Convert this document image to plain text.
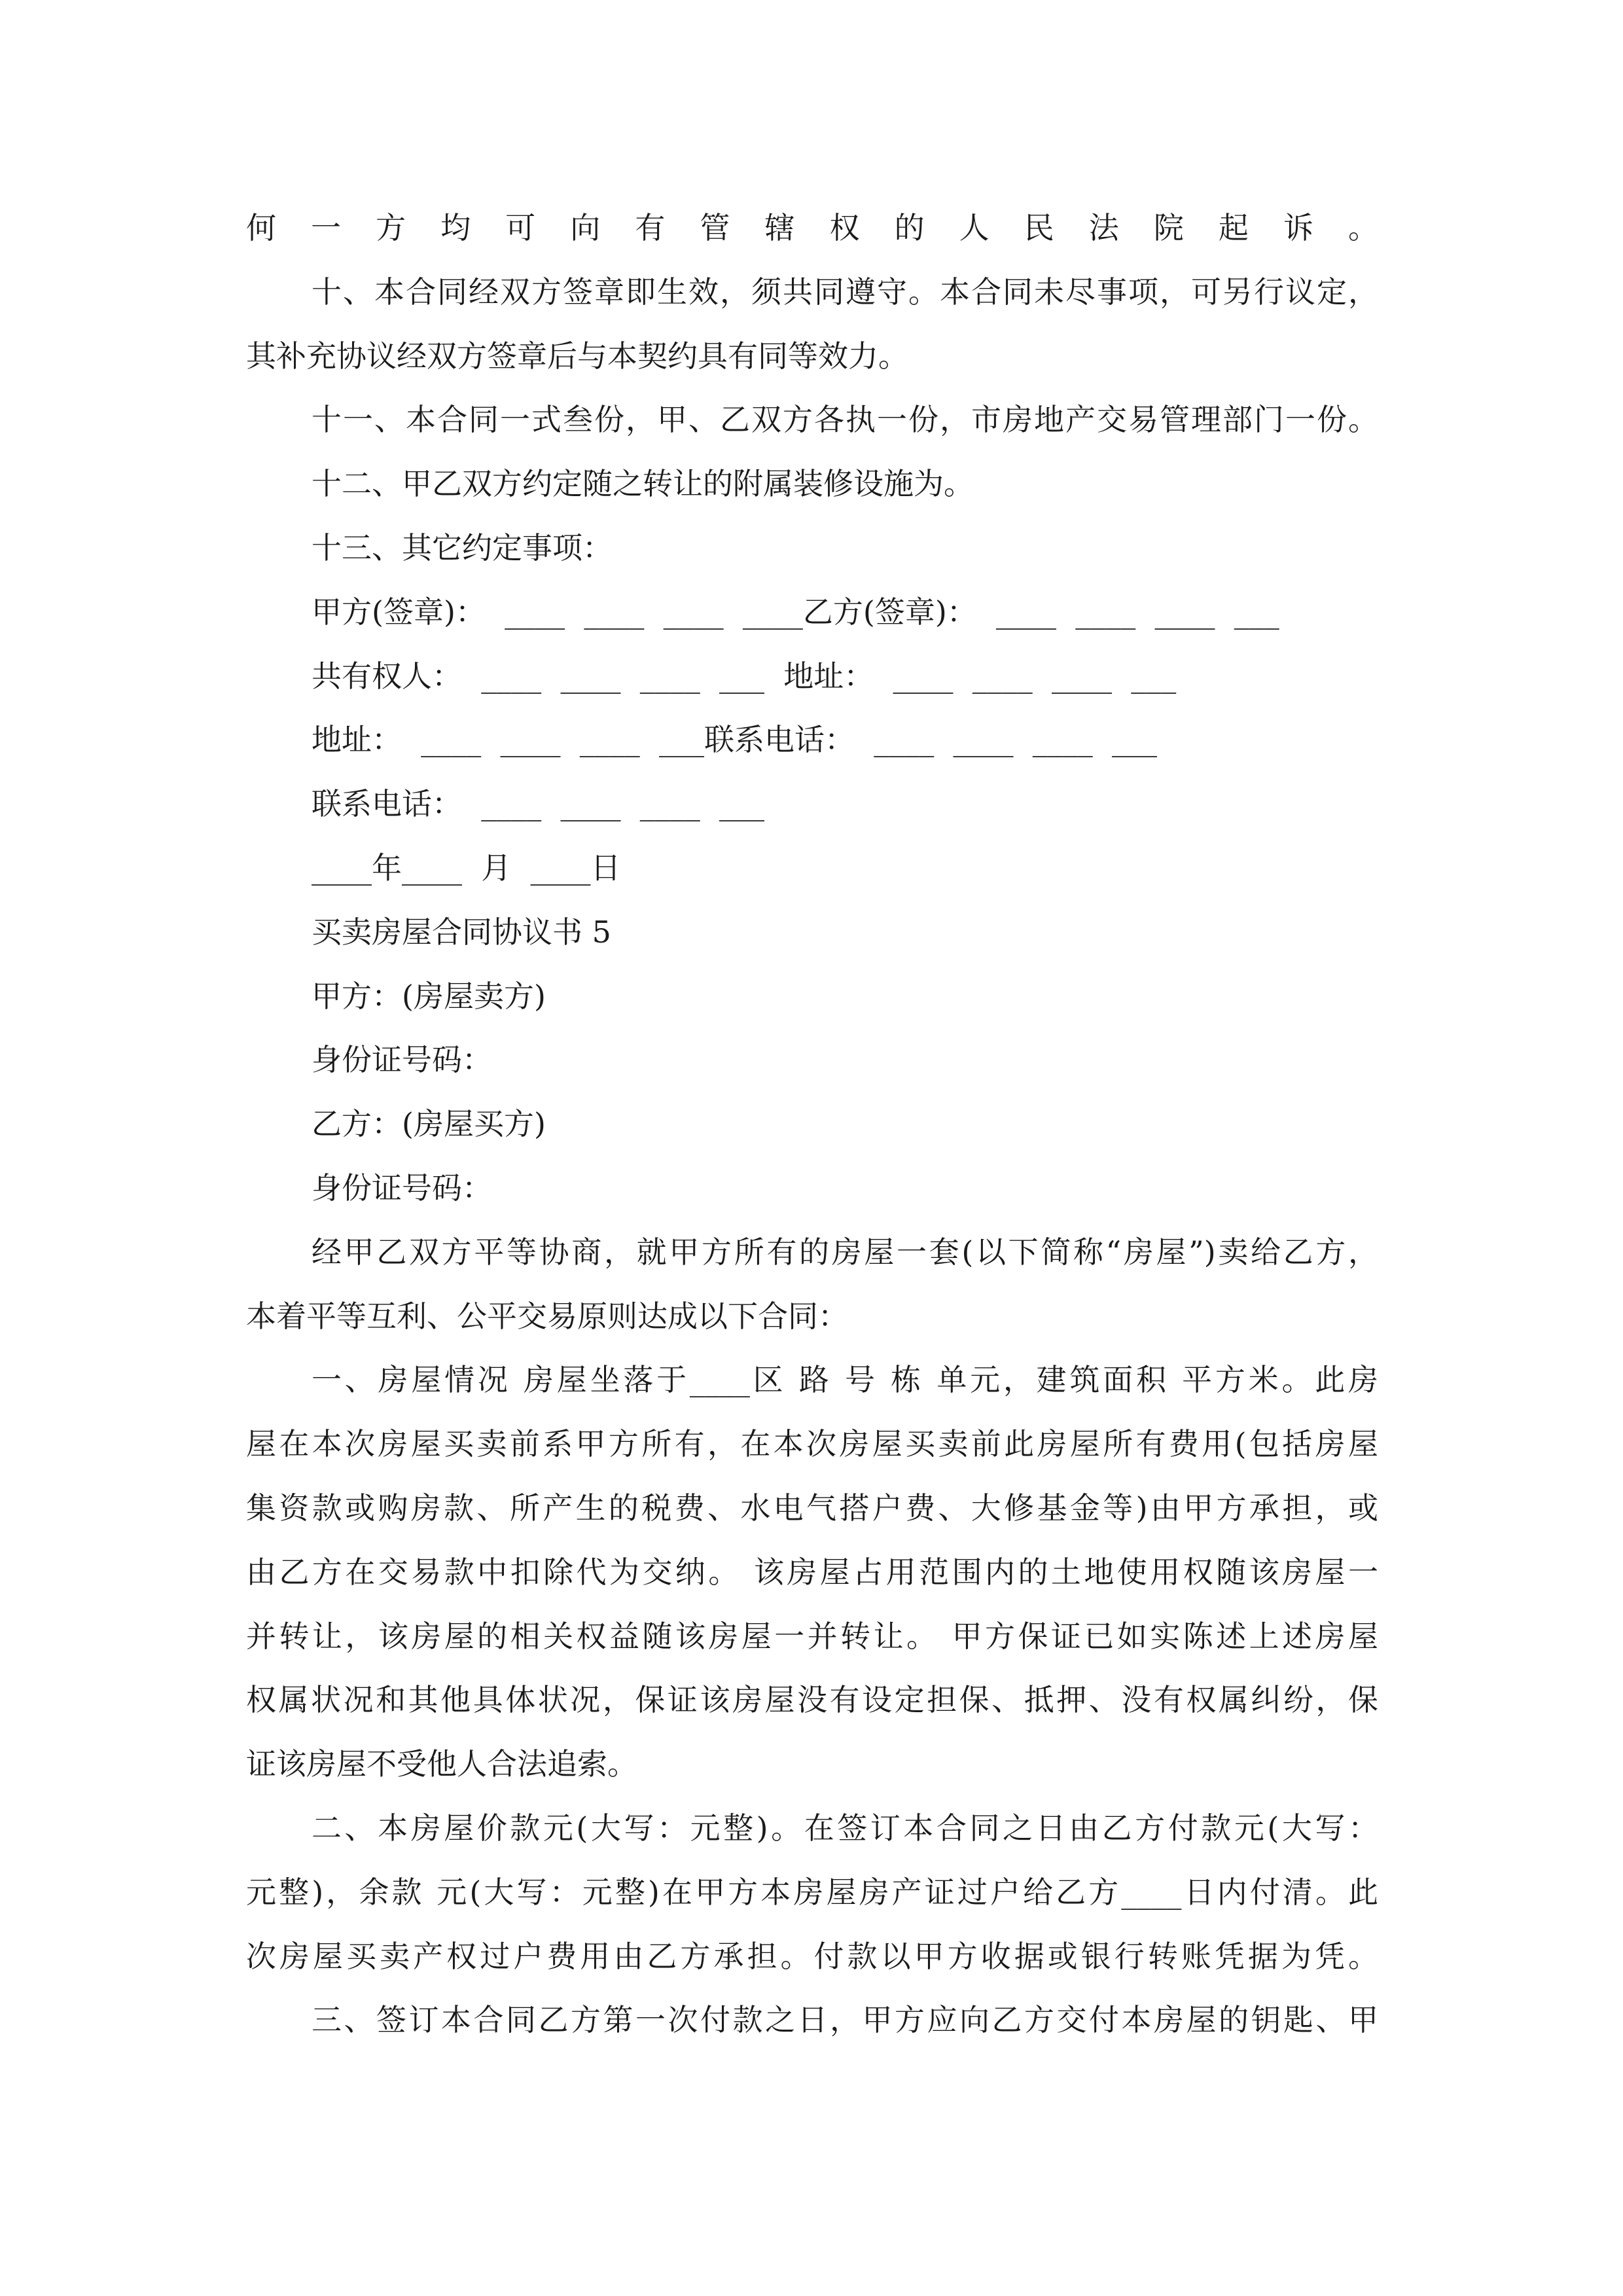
何一方均可向有管辖权的人民法院起诉。
十、本合同经双方签章即生效，须共同遵守。本合同未尽事项，可另行议定，
其补充协议经双方签章后与本契约具有同等效力。
十一、本合同一式叁份，甲、乙双方各执一份，市房地产交易管理部门一份。
十二、甲乙双方约定随之转让的附属装修设施为。
十三、其它约定事项：
甲方(签章)：  ____  ____  ____  ____乙方(签章)：  ____  ____  ____  ___
共有权人：  ____  ____  ____  ___  地址：  ____  ____  ____  ___
地址：  ____  ____  ____  ___联系电话：  ____  ____  ____  ___
联系电话：  ____  ____  ____  ___
____年____  月  ____日
买卖房屋合同协议书 5
甲方：(房屋卖方)
身份证号码：
乙方：(房屋买方)
身份证号码：
经甲乙双方平等协商，就甲方所有的房屋一套(以下简称“房屋”)卖给乙方，
本着平等互利、公平交易原则达成以下合同：
一、房屋情况 房屋坐落于____区 路 号 栋 单元，建筑面积 平方米。此房
屋在本次房屋买卖前系甲方所有，在本次房屋买卖前此房屋所有费用(包括房屋
集资款或购房款、所产生的税费、水电气搭户费、大修基金等)由甲方承担，或
由乙方在交易款中扣除代为交纳。 该房屋占用范围内的土地使用权随该房屋一
并转让，该房屋的相关权益随该房屋一并转让。 甲方保证已如实陈述上述房屋
权属状况和其他具体状况，保证该房屋没有设定担保、抵押、没有权属纠纷，保
证该房屋不受他人合法追索。
二、本房屋价款元(大写：元整)。在签订本合同之日由乙方付款元(大写：
元整)，余款 元(大写：元整)在甲方本房屋房产证过户给乙方____日内付清。此
次房屋买卖产权过户费用由乙方承担。付款以甲方收据或银行转账凭据为凭。
三、签订本合同乙方第一次付款之日，甲方应向乙方交付本房屋的钥匙、甲
